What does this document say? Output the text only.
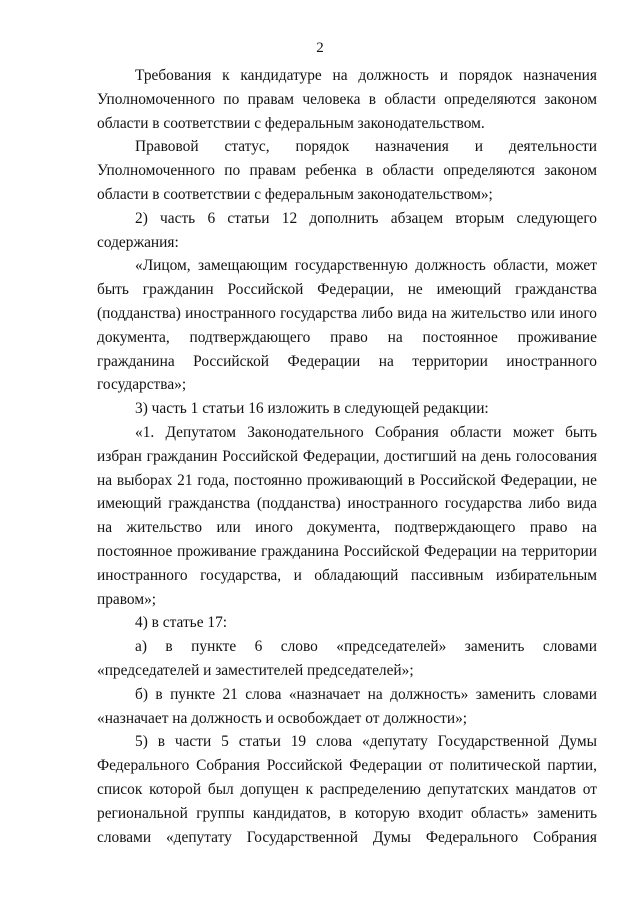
2

Требования к кандидатуре на должность и порядок назначения Уполномоченного по правам человека в области определяются законом области в соответствии с федеральным законодательством.

Правовой статус, порядок назначения и деятельности Уполномоченного по правам ребенка в области определяются законом области в соответствии с федеральным законодательством»;

2) часть 6 статьи 12 дополнить абзацем вторым следующего содержания:

«Лицом, замещающим государственную должность области, может быть гражданин Российской Федерации, не имеющий гражданства (подданства) иностранного государства либо вида на жительство или иного документа, подтверждающего право на постоянное проживание гражданина Российской Федерации на территории иностранного государства»;

3) часть 1 статьи 16 изложить в следующей редакции:

«1. Депутатом Законодательного Собрания области может быть избран гражданин Российской Федерации, достигший на день голосования на выборах 21 года, постоянно проживающий в Российской Федерации, не имеющий гражданства (подданства) иностранного государства либо вида на жительство или иного документа, подтверждающего право на постоянное проживание гражданина Российской Федерации на территории иностранного государства, и обладающий пассивным избирательным правом»;

4) в статье 17:

а) в пункте 6 слово «председателей» заменить словами «председателей и заместителей председателей»;

б) в пункте 21 слова «назначает на должность» заменить словами «назначает на должность и освобождает от должности»;

5) в части 5 статьи 19 слова «депутату Государственной Думы Федерального Собрания Российской Федерации от политической партии, список которой был допущен к распределению депутатских мандатов от региональной группы кандидатов, в которую входит область» заменить словами «депутату Государственной Думы Федерального Собрания
